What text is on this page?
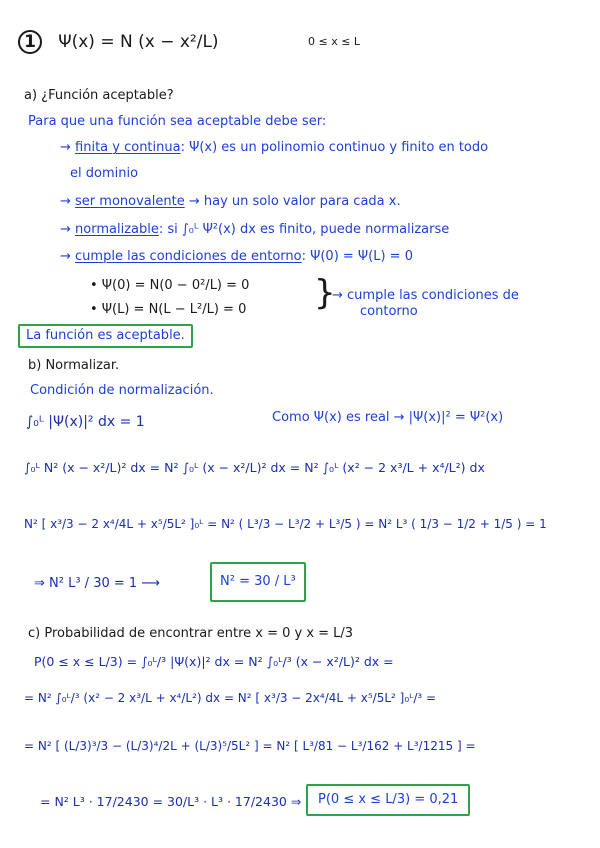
1 Ψ(x) = N (x − x²/L)	0 ≤ x ≤ L
a) ¿Función aceptable?
Para que una función sea aceptable debe ser:
→ finita y continua: Ψ(x) es un polinomio continuo y finito en todo
el dominio
→ ser monovalente → hay un solo valor para cada x.
→ normalizable: si ∫₀ᴸ Ψ²(x) dx es finito, puede normalizarse
→ cumple las condiciones de entorno: Ψ(0) = Ψ(L) = 0
• Ψ(0) = N(0 − 0²/L) = 0
• Ψ(L) = N(L − L²/L) = 0 }
→ cumple las condiciones de
contorno
La función es aceptable.
b) Normalizar.
Condición de normalización.
∫₀ᴸ |Ψ(x)|² dx = 1	Como Ψ(x) es real → |Ψ(x)|² = Ψ²(x)
∫₀ᴸ N² (x − x²/L)² dx = N² ∫₀ᴸ (x − x²/L)² dx = N² ∫₀ᴸ (x² − 2 x³/L + x⁴/L²) dx
N² [ x³/3 − 2 x⁴/4L + x⁵/5L² ]₀ᴸ = N² ( L³/3 − L³/2 + L³/5 ) = N² L³ ( 1/3 − 1/2 + 1/5 ) = 1
⇒ N² L³ / 30 = 1 ⟶	N² = 30 / L³
c) Probabilidad de encontrar entre x = 0 y x = L/3
P(0 ≤ x ≤ L/3) = ∫₀ᴸ/³ |Ψ(x)|² dx = N² ∫₀ᴸ/³ (x − x²/L)² dx =
= N² ∫₀ᴸ/³ (x² − 2 x³/L + x⁴/L²) dx = N² [ x³/3 − 2x⁴/4L + x⁵/5L² ]₀ᴸ/³ =
= N² [ (L/3)³/3 − (L/3)⁴/2L + (L/3)⁵/5L² ] = N² [ L³/81 − L³/162 + L³/1215 ] =
= N² L³ · 17/2430 = 30/L³ · L³ · 17/2430 ⇒	P(0 ≤ x ≤ L/3) = 0,21
